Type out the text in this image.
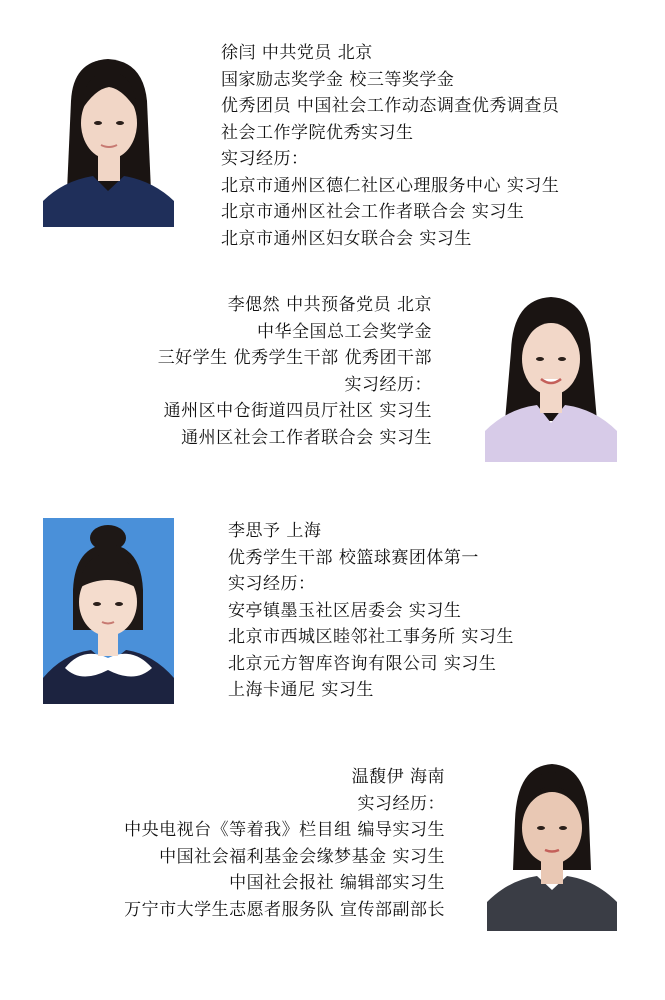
徐闫 中共党员 北京
国家励志奖学金 校三等奖学金
优秀团员 中国社会工作动态调查优秀调查员
社会工作学院优秀实习生
实习经历：
北京市通州区德仁社区心理服务中心 实习生
北京市通州区社会工作者联合会 实习生
北京市通州区妇女联合会 实习生
李偲然 中共预备党员 北京
中华全国总工会奖学金
三好学生 优秀学生干部 优秀团干部
实习经历：
通州区中仓街道四员厅社区 实习生
通州区社会工作者联合会 实习生
李思予 上海
优秀学生干部 校篮球赛团体第一
实习经历：
安亭镇墨玉社区居委会 实习生
北京市西城区睦邻社工事务所 实习生
北京元方智库咨询有限公司 实习生
上海卡通尼 实习生
温馥伊 海南
实习经历：
中央电视台《等着我》栏目组 编导实习生
中国社会福利基金会缘梦基金 实习生
中国社会报社 编辑部实习生
万宁市大学生志愿者服务队 宣传部副部长
